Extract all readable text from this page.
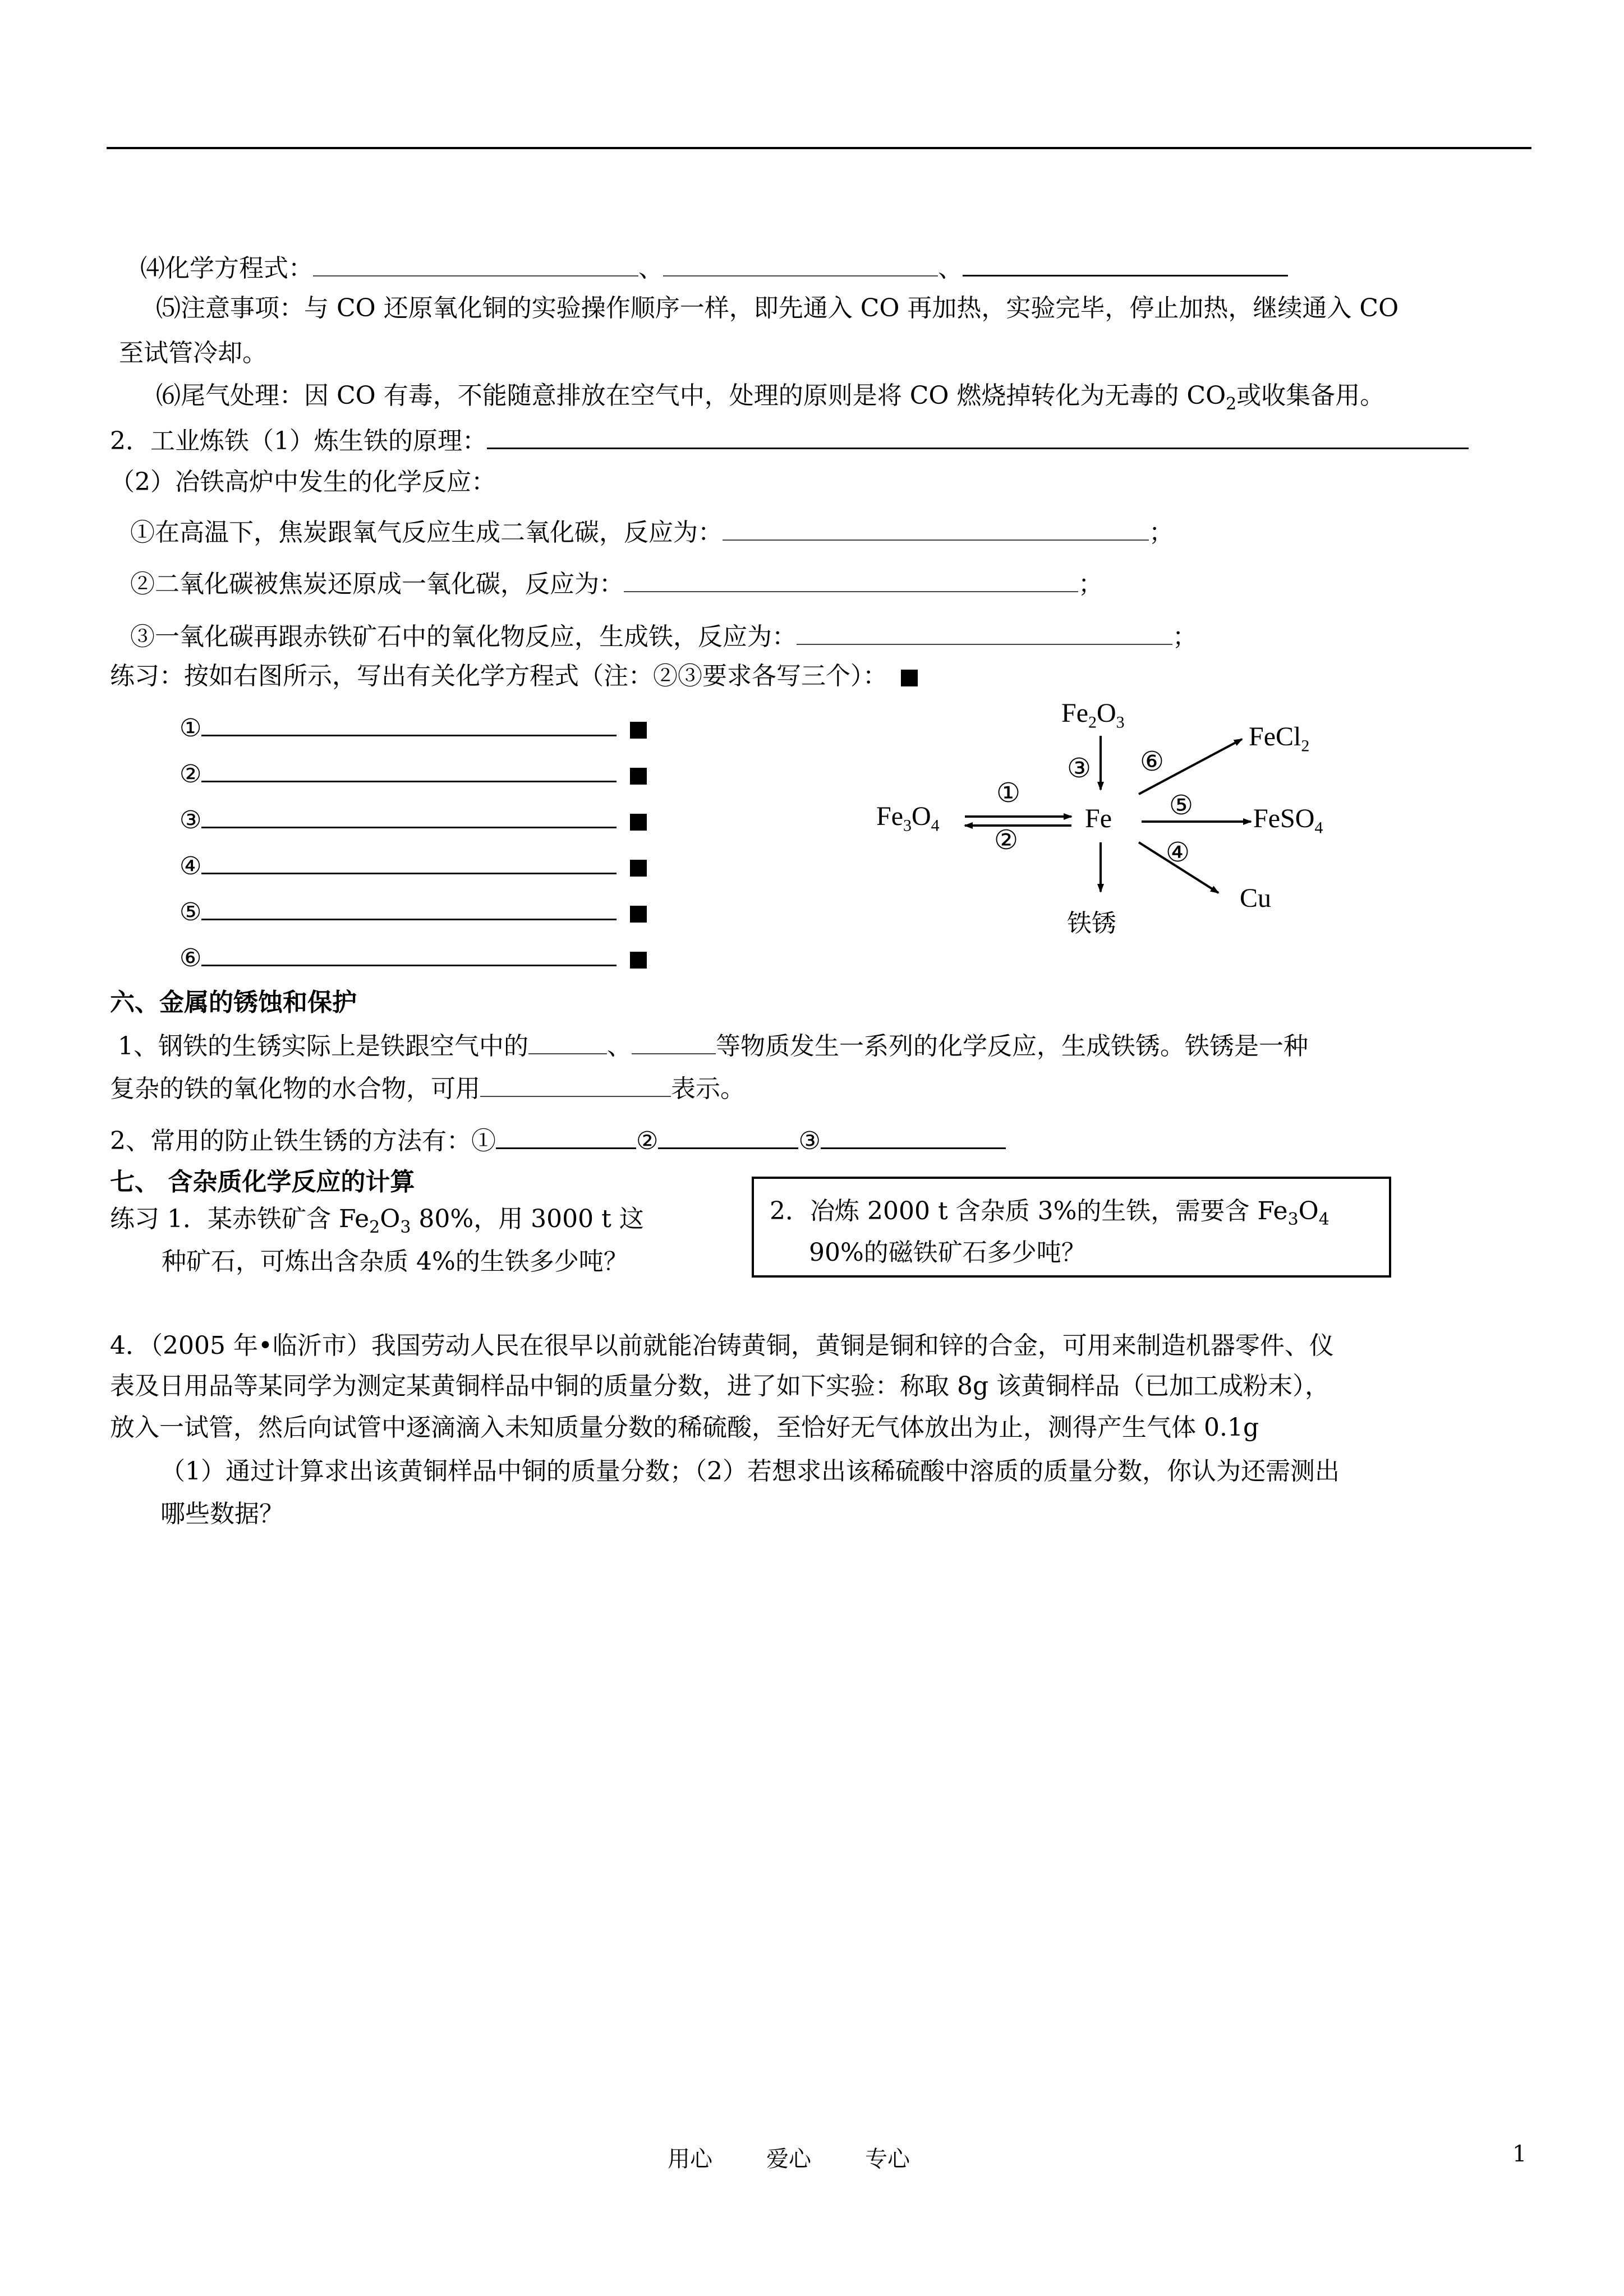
⑷化学方程式：	、	、
⑸注意事项：与 CO 还原氧化铜的实验操作顺序一样，即先通入 CO 再加热，实验完毕，停止加热，继续通入 CO
至试管冷却。
⑹尾气处理：因 CO 有毒，不能随意排放在空气中，处理的原则是将 CO 燃烧掉转化为无毒的 $CO_2$或收集备用。
2．工业炼铁（1）炼生铁的原理：
（2）冶铁高炉中发生的化学反应：
①在高温下，焦炭跟氧气反应生成二氧化碳，反应为：	；
②二氧化碳被焦炭还原成一氧化碳，反应为：	；
③一氧化碳再跟赤铁矿石中的氧化物反应，生成铁，反应为：	；
练习：按如右图所示，写出有关化学方程式（注：②③要求各写三个）：
①
②
③
④
⑤
⑥
$Fe_2O_3$	FeCl$_2$
$Fe_3O_4$	Fe	FeSO$_4$
Cu
铁锈
③ ⑥
①	⑤
②	④
六、金属的锈蚀和保护
1、钢铁的生锈实际上是铁跟空气中的	、	等物质发生一系列的化学反应，生成铁锈。铁锈是一种
复杂的铁的氧化物的水合物，可用	表示。
2、常用的防止铁生锈的方法有：①	②	③
七、 含杂质化学反应的计算
练习 1．某赤铁矿含 $Fe_2O_3$ 80%，用 3000 t 这
种矿石，可炼出含杂质 4%的生铁多少吨？
2．冶炼 2000 t 含杂质 3%的生铁，需要含 $Fe_3O_4$
90%的磁铁矿石多少吨？
4．（2005 年•临沂市）我国劳动人民在很早以前就能冶铸黄铜，黄铜是铜和锌的合金，可用来制造机器零件、仪
表及日用品等某同学为测定某黄铜样品中铜的质量分数，进了如下实验：称取 8g 该黄铜样品（已加工成粉末），
放入一试管，然后向试管中逐滴滴入未知质量分数的稀硫酸，至恰好无气体放出为止，测得产生气体 0.1g
（1）通过计算求出该黄铜样品中铜的质量分数；（2）若想求出该稀硫酸中溶质的质量分数，你认为还需测出
哪些数据？
用心 爱心 专心	1
